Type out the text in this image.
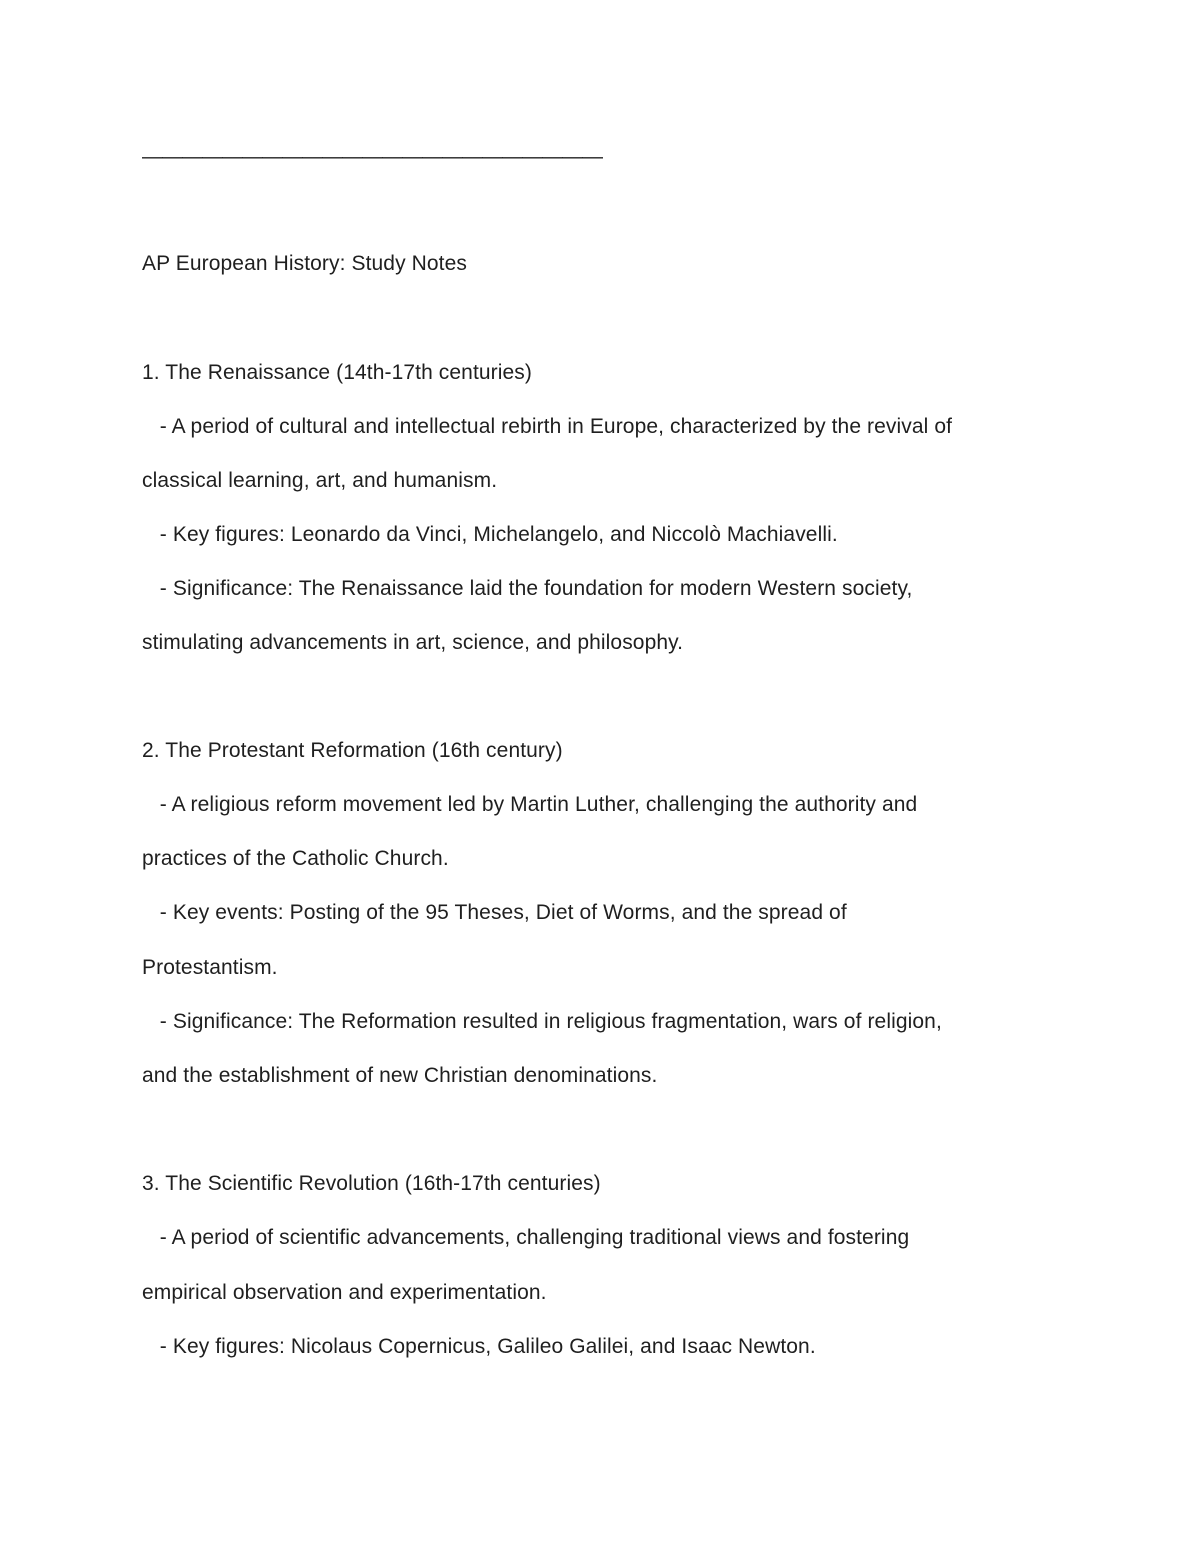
———————————————————————
AP European History: Study Notes
1. The Renaissance (14th-17th centuries)
- A period of cultural and intellectual rebirth in Europe, characterized by the revival of
classical learning, art, and humanism.
- Key figures: Leonardo da Vinci, Michelangelo, and Niccolò Machiavelli.
- Significance: The Renaissance laid the foundation for modern Western society,
stimulating advancements in art, science, and philosophy.
2. The Protestant Reformation (16th century)
- A religious reform movement led by Martin Luther, challenging the authority and
practices of the Catholic Church.
- Key events: Posting of the 95 Theses, Diet of Worms, and the spread of
Protestantism.
- Significance: The Reformation resulted in religious fragmentation, wars of religion,
and the establishment of new Christian denominations.
3. The Scientific Revolution (16th-17th centuries)
- A period of scientific advancements, challenging traditional views and fostering
empirical observation and experimentation.
- Key figures: Nicolaus Copernicus, Galileo Galilei, and Isaac Newton.
